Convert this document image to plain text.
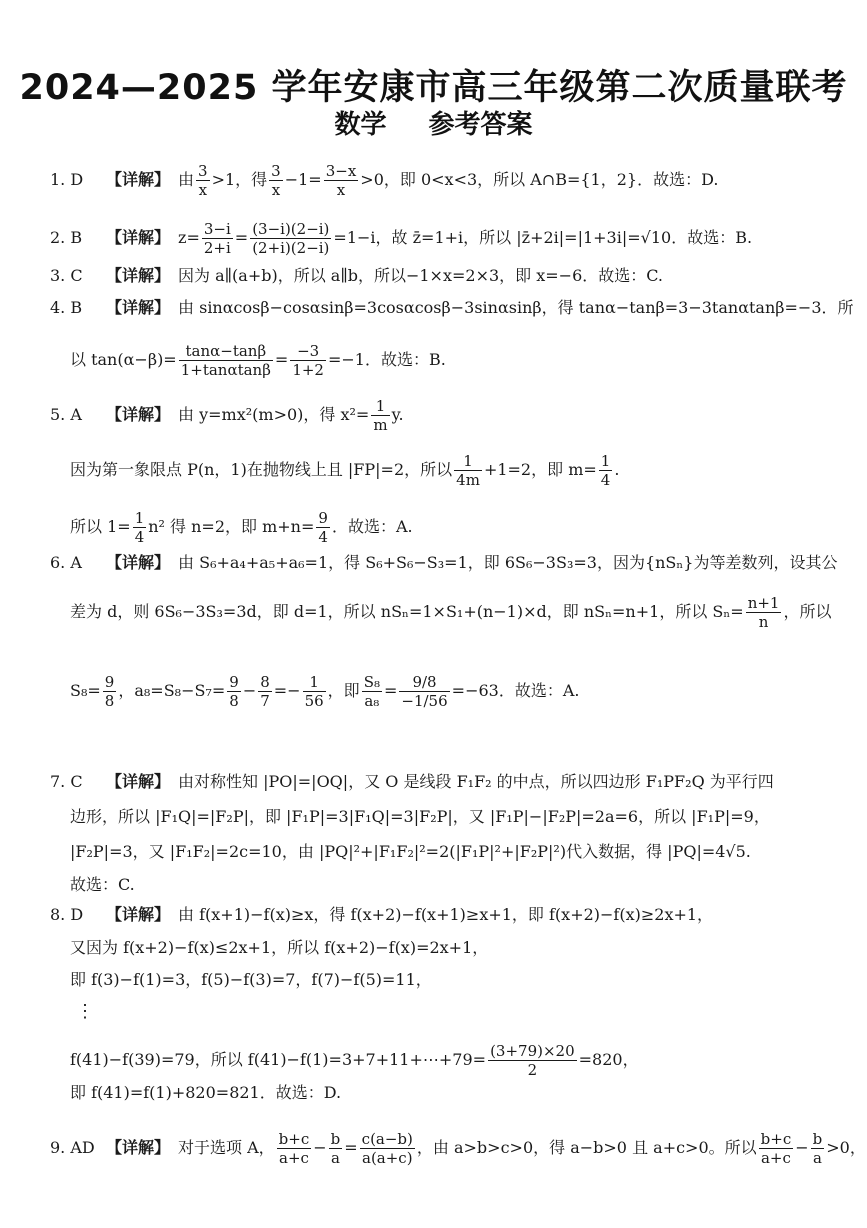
2024—2025 学年安康市高三年级第二次质量联考
数学 参考答案
1. D 【详解】 由 $\frac{3}{x} >1$，得 $\frac{3}{x} -1= \frac{3-x}{x} >0$，即 0<x<3，所以 A∩B={1，2}．故选：D.
2. B 【详解】 $z= \frac{3-i}{2+i} = \frac{(3-i)(2-i)}{(2+i)(2-i)} =1-i$，故 z̄=1+i，所以 |z̄+2i|=|1+3i|=√10．故选：B.
3. C 【详解】 因为 a∥(a+b)，所以 a∥b，所以−1×x=2×3，即 x=−6．故选：C.
4. B 【详解】 由 sinαcosβ−cosαsinβ=3cosαcosβ−3sinαsinβ，得 tanα−tanβ=3−3tanαtanβ=−3．所
以 $\tan(\alpha-\beta)= \frac{\tan\alpha-\tan\beta}{1+\tan\alpha\tan\beta} = \frac{-3}{1+2} =-1$．故选：B.
5. A 【详解】 由 y=mx²(m>0)，得 $x^2= \frac{1}{m} y$.
因为第一象限点 P(n，1)在抛物线上且 |FP|=2，所以 $\frac{1}{4m} +1=2$，即 $m= \frac{1}{4}$ .
所以 $1= \frac{1}{4} n^2$ 得 n=2，即 $m+n= \frac{9}{4}$ ．故选：A.
6. A 【详解】 由 S₆+a₄+a₅+a₆=1，得 S₆+S₆−S₃=1，即 6S₆−3S₃=3，因为{nSₙ}为等差数列，设其公
差为 d，则 6S₆−3S₃=3d，即 d=1，所以 nSₙ=1×S₁+(n−1)×d，即 nSₙ=n+1，所以 $S_n= \frac{n+1}{n}$ ，所以
$S_8= \frac{9}{8}$ ，$a_8=S_8-S_7= \frac{9}{8} - \frac{8}{7} =- \frac{1}{56}$ ，即 $\frac{\text{S₈}}{\text{a₈}} = \frac{9/8}{-1/56} =-63$．故选：A.
7. C 【详解】 由对称性知 |PO|=|OQ|，又 O 是线段 F₁F₂ 的中点，所以四边形 F₁PF₂Q 为平行四
边形，所以 |F₁Q|=|F₂P|，即 |F₁P|=3|F₁Q|=3|F₂P|，又 |F₁P|−|F₂P|=2a=6，所以 |F₁P|=9，
|F₂P|=3，又 |F₁F₂|=2c=10，由 |PQ|²+|F₁F₂|²=2(|F₁P|²+|F₂P|²)代入数据，得 |PQ|=4√5.
故选：C.
8. D 【详解】 由 f(x+1)−f(x)≥x，得 f(x+2)−f(x+1)≥x+1，即 f(x+2)−f(x)≥2x+1，
又因为 f(x+2)−f(x)≤2x+1，所以 f(x+2)−f(x)=2x+1，
即 f(3)−f(1)=3，f(5)−f(3)=7，f(7)−f(5)=11，
⋮
f(41)−f(39)=79，所以 f(41)−f(1)=3+7+11+⋯+79= $\frac{(3+79)\times 20}{2} =820$，
即 f(41)=f(1)+820=821．故选：D.
9. AD 【详解】 对于选项 A， $\frac{b+c}{a+c} - \frac{b}{a} = \frac{c(a-b)}{a(a+c)}$ ，由 a>b>c>0，得 a−b>0 且 a+c>0。所以 $\frac{b+c}{a+c} - \frac{b}{a} >0$，
